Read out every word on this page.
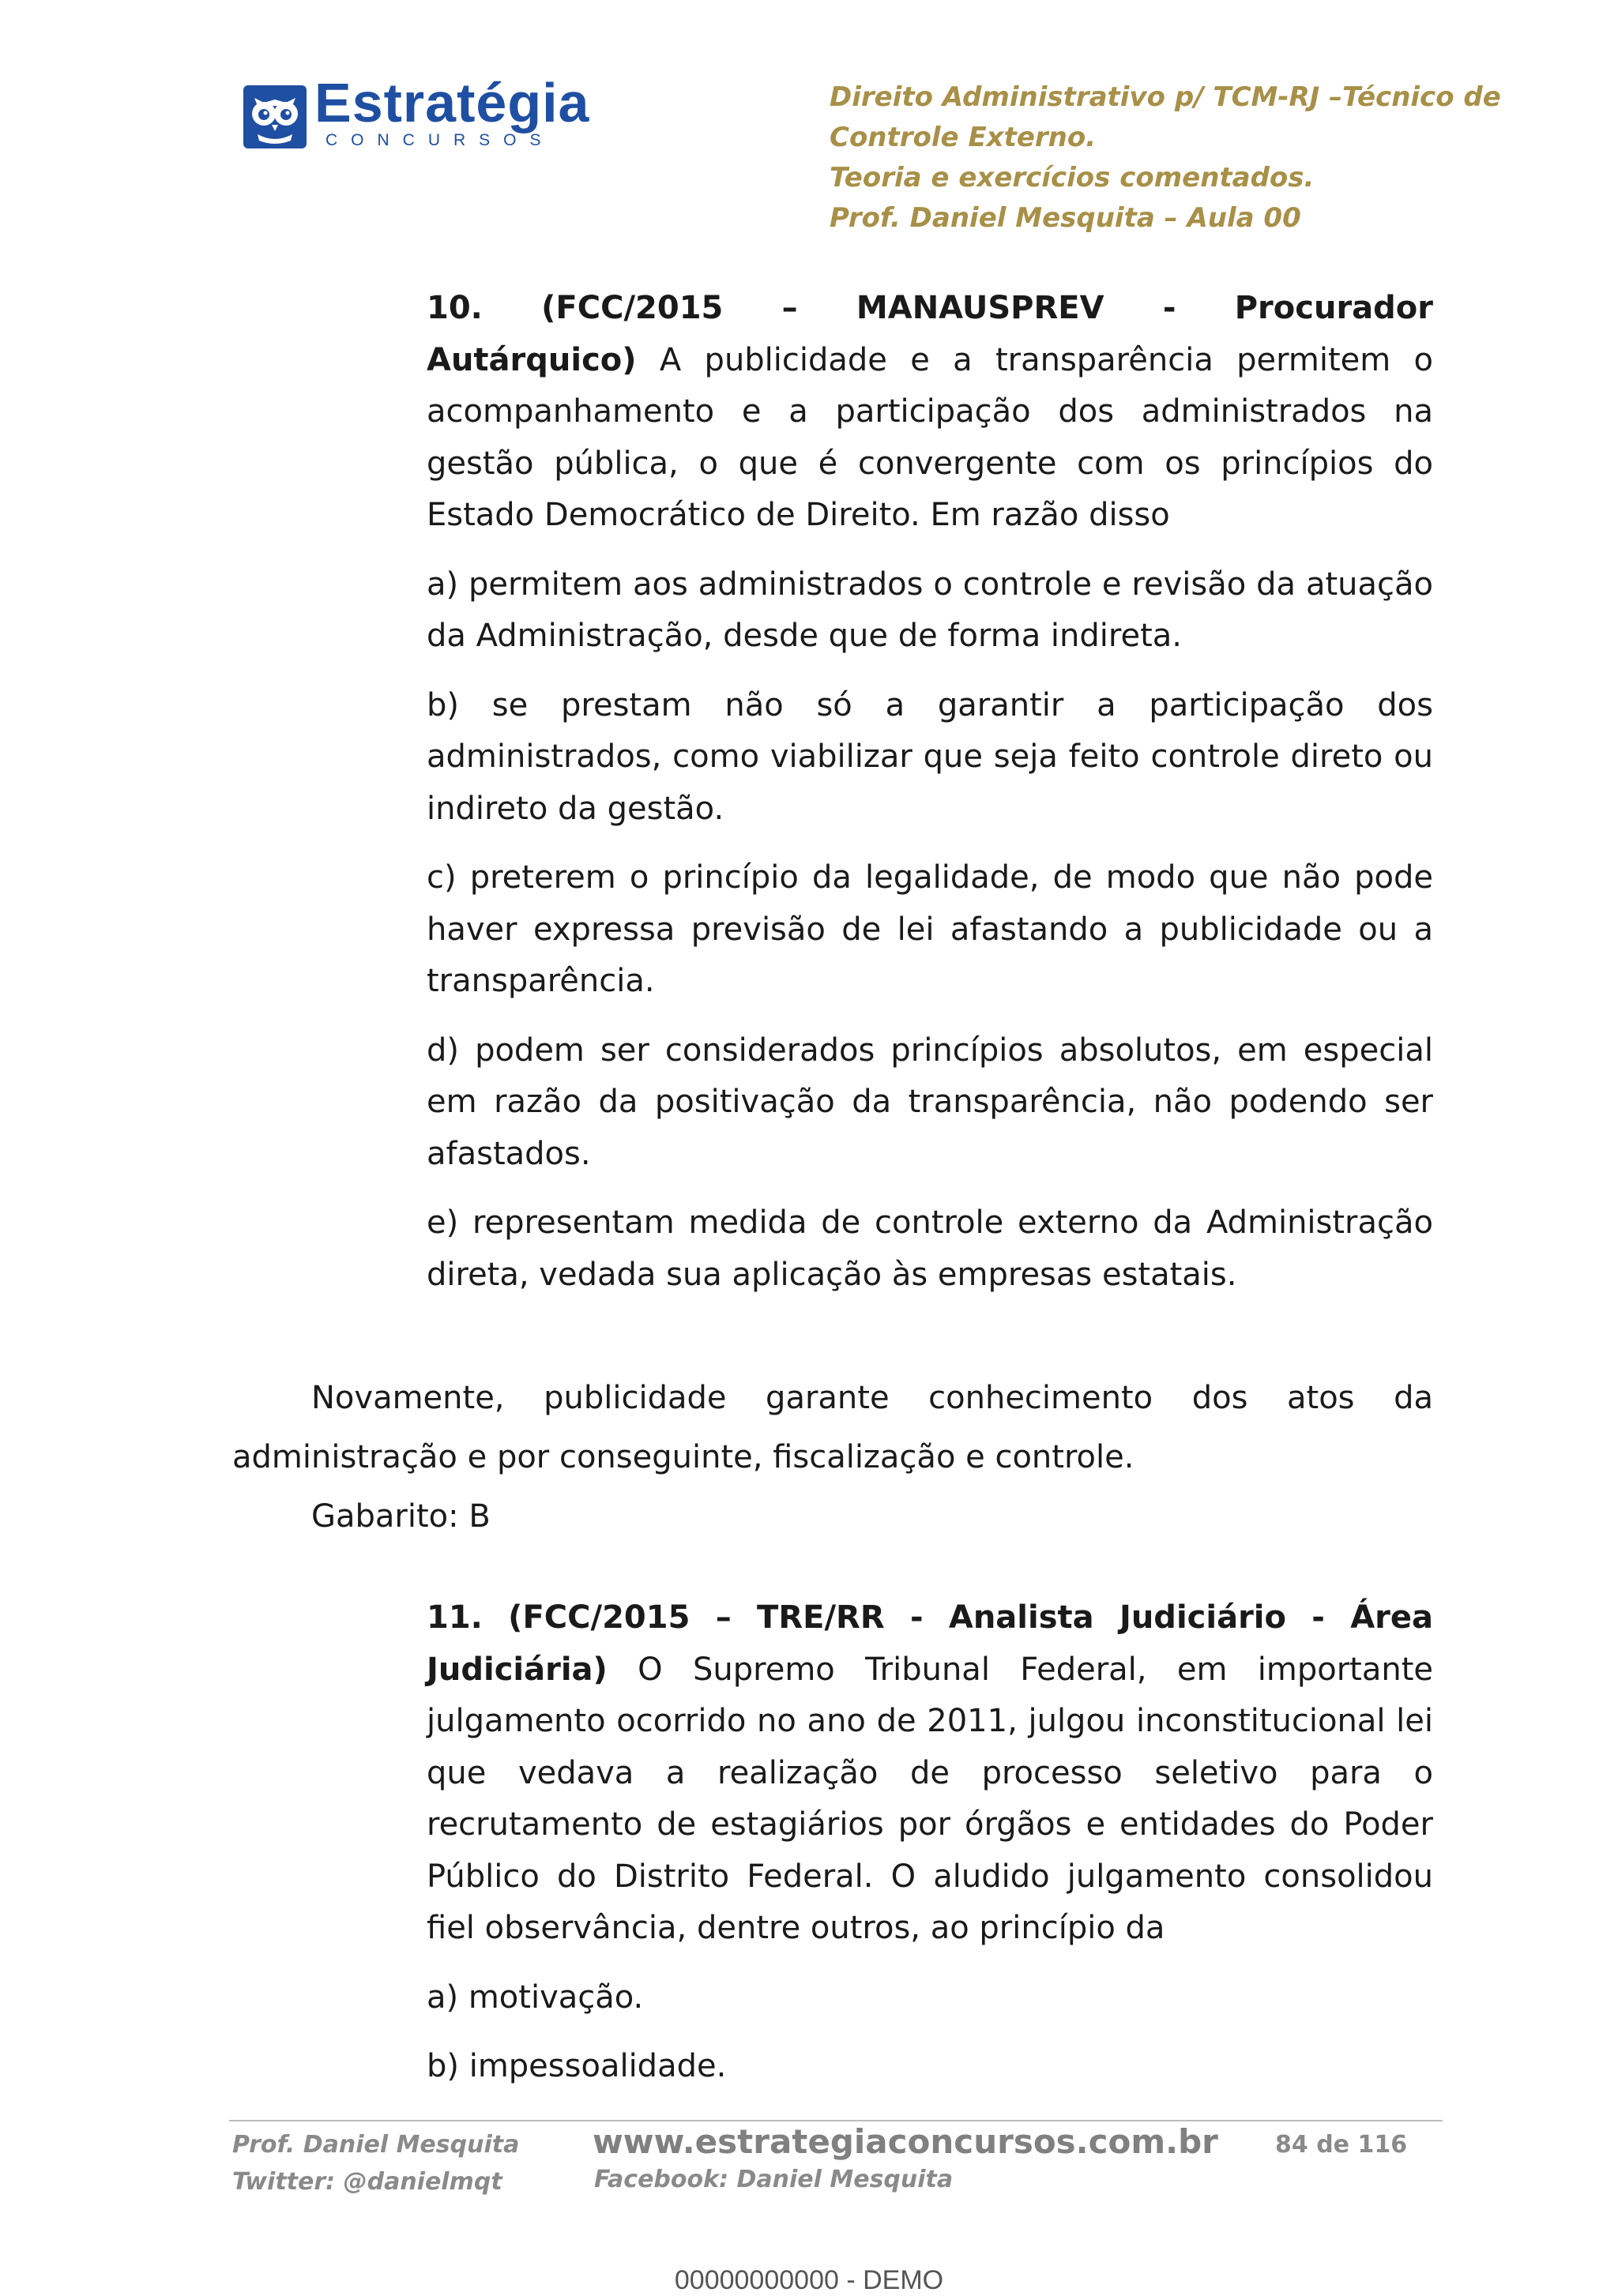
Estratégia
CONCURSOS
Direito Administrativo p/ TCM-RJ –Técnico de
Controle Externo.
Teoria e exercícios comentados.
Prof. Daniel Mesquita – Aula 00

10. (FCC/2015 – MANAUSPREV - Procurador

Autárquico) A publicidade e a transparência permitem o acompanhamento e a participação dos administrados na gestão pública, o que é convergente com os princípios do Estado Democrático de Direito. Em razão disso

a) permitem aos administrados o controle e revisão da atuação da Administração, desde que de forma indireta.

b) se prestam não só a garantir a participação dos administrados, como viabilizar que seja feito controle direto ou indireto da gestão.

c) preterem o princípio da legalidade, de modo que não pode haver expressa previsão de lei afastando a publicidade ou a transparência.

d) podem ser considerados princípios absolutos, em especial em razão da positivação da transparência, não podendo ser afastados.

e) representam medida de controle externo da Administração direta, vedada sua aplicação às empresas estatais.

Novamente, publicidade garante conhecimento dos atos da administração e por conseguinte, fiscalização e controle.

Gabarito: B

11. (FCC/2015 – TRE/RR - Analista Judiciário - Área

Judiciária) O Supremo Tribunal Federal, em importante julgamento ocorrido no ano de 2011, julgou inconstitucional lei que vedava a realização de processo seletivo para o recrutamento de estagiários por órgãos e entidades do Poder Público do Distrito Federal. O aludido julgamento consolidou fiel observância, dentre outros, ao princípio da

a) motivação.

b) impessoalidade.

Prof. Daniel Mesquita
Twitter: @danielmqt
www.estrategiaconcursos.com.br
Facebook: Daniel Mesquita
84 de 116
00000000000 - DEMO
